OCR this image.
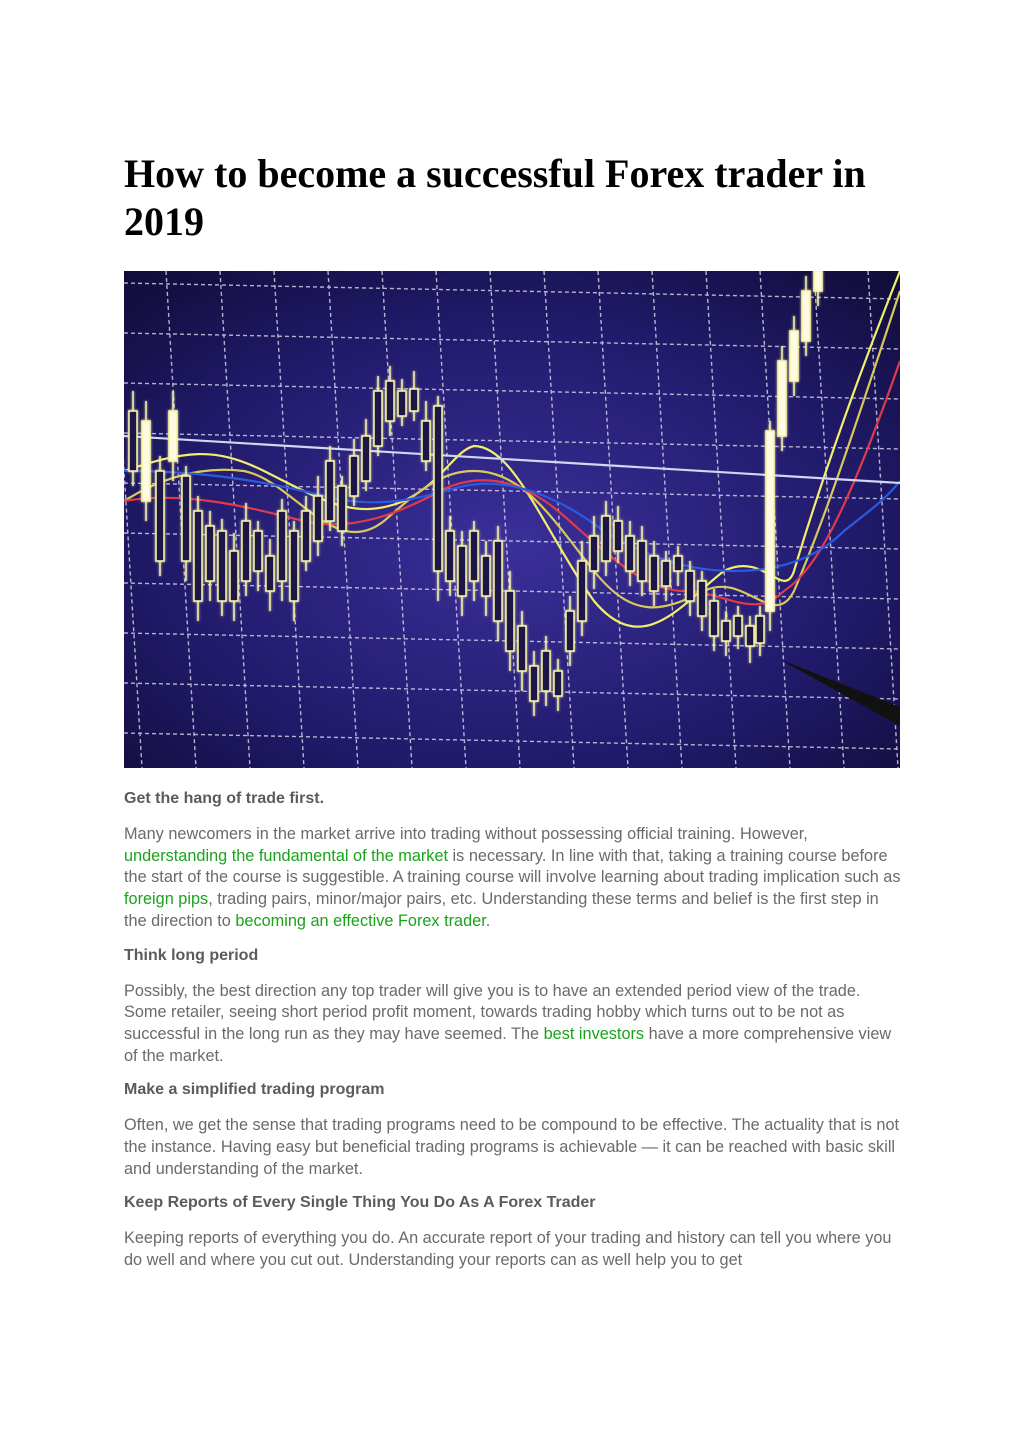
How to become a successful Forex trader in 2019
Get the hang of trade first.

Many newcomers in the market arrive into trading without possessing official training. However, understanding the fundamental of the market is necessary. In line with that, taking a training course before the start of the course is suggestible. A training course will involve learning about trading implication such as foreign pips, trading pairs, minor/major pairs, etc. Understanding these terms and belief is the first step in the direction to becoming an effective Forex trader.

Think long period

Possibly, the best direction any top trader will give you is to have an extended period view of the trade. Some retailer, seeing short period profit moment, towards trading hobby which turns out to be not as successful in the long run as they may have seemed. The best investors have a more comprehensive view of the market.

Make a simplified trading program

Often, we get the sense that trading programs need to be compound to be effective. The actuality that is not the instance. Having easy but beneficial trading programs is achievable — it can be reached with basic skill and understanding of the market.

Keep Reports of Every Single Thing You Do As A Forex Trader

Keeping reports of everything you do. An accurate report of your trading and history can tell you where you do well and where you cut out. Understanding your reports can as well help you to get
